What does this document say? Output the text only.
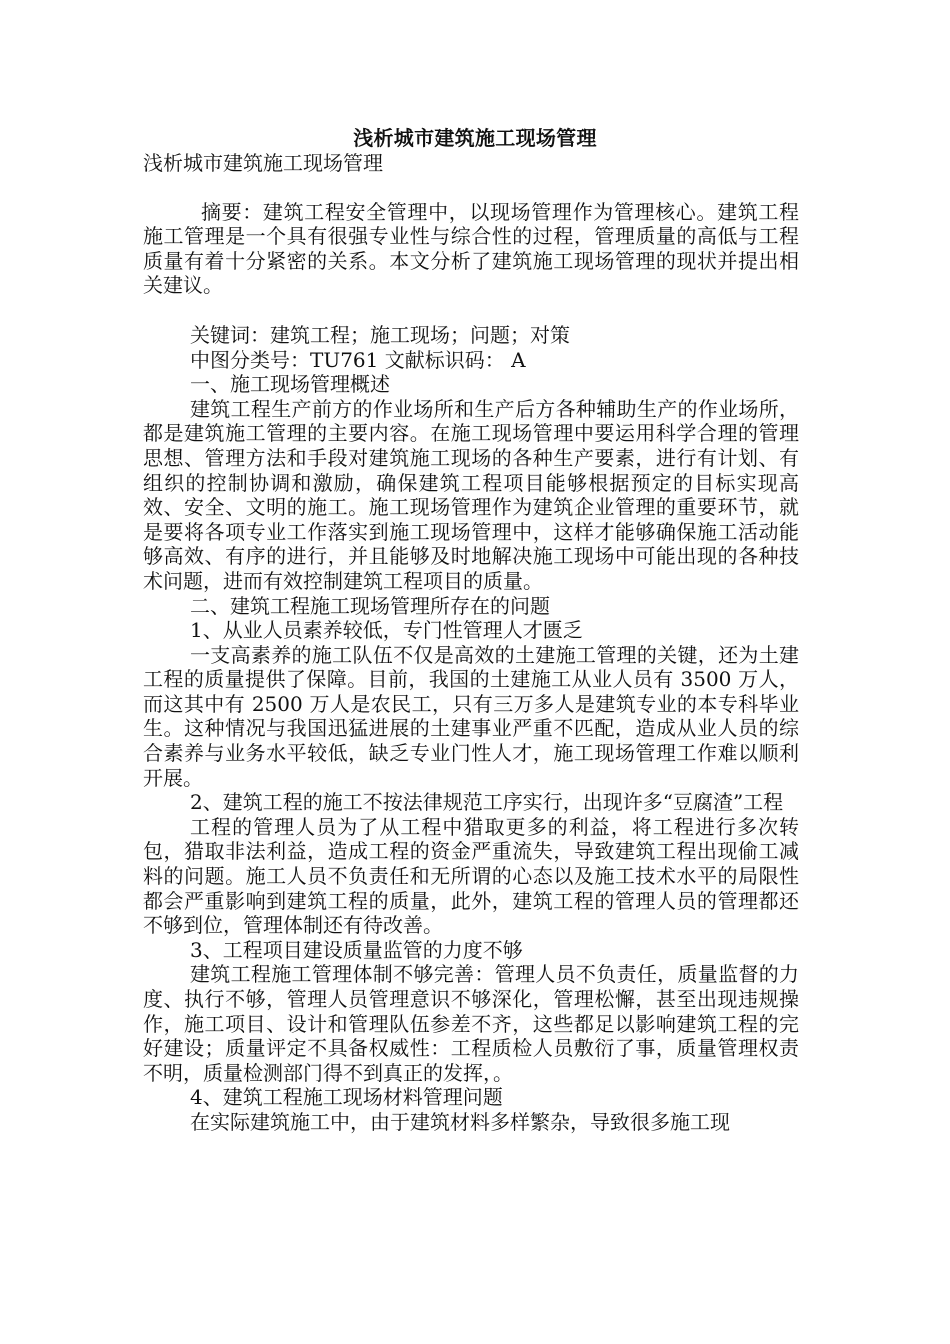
浅析城市建筑施工现场管理

浅析城市建筑施工现场管理

摘要：建筑工程安全管理中，以现场管理作为管理核心。建筑工程施工管理是一个具有很强专业性与综合性的过程，管理质量的高低与工程质量有着十分紧密的关系。本文分析了建筑施工现场管理的现状并提出相关建议。

关键词：建筑工程；施工现场；问题；对策

中图分类号：TU761 文献标识码： A

一、施工现场管理概述

建筑工程生产前方的作业场所和生产后方各种辅助生产的作业场所，都是建筑施工管理的主要内容。在施工现场管理中要运用科学合理的管理思想、管理方法和手段对建筑施工现场的各种生产要素，进行有计划、有组织的控制协调和激励，确保建筑工程项目能够根据预定的目标实现高效、安全、文明的施工。施工现场管理作为建筑企业管理的重要环节，就是要将各项专业工作落实到施工现场管理中，这样才能够确保施工活动能够高效、有序的进行，并且能够及时地解决施工现场中可能出现的各种技术问题，进而有效控制建筑工程项目的质量。

二、建筑工程施工现场管理所存在的问题

1、从业人员素养较低，专门性管理人才匮乏

一支高素养的施工队伍不仅是高效的土建施工管理的关键，还为土建工程的质量提供了保障。目前，我国的土建施工从业人员有 3500 万人，而这其中有 2500 万人是农民工，只有三万多人是建筑专业的本专科毕业生。这种情况与我国迅猛进展的土建事业严重不匹配，造成从业人员的综合素养与业务水平较低，缺乏专业门性人才，施工现场管理工作难以顺利开展。

2、建筑工程的施工不按法律规范工序实行，出现许多“豆腐渣”工程

工程的管理人员为了从工程中猎取更多的利益，将工程进行多次转包，猎取非法利益，造成工程的资金严重流失，导致建筑工程出现偷工减料的问题。施工人员不负责任和无所谓的心态以及施工技术水平的局限性都会严重影响到建筑工程的质量，此外，建筑工程的管理人员的管理都还不够到位，管理体制还有待改善。

3、工程项目建设质量监管的力度不够

建筑工程施工管理体制不够完善：管理人员不负责任，质量监督的力度、执行不够，管理人员管理意识不够深化，管理松懈，甚至出现违规操作，施工项目、设计和管理队伍参差不齐，这些都足以影响建筑工程的完好建设；质量评定不具备权威性：工程质检人员敷衍了事，质量管理权责不明，质量检测部门得不到真正的发挥，。

4、建筑工程施工现场材料管理问题

在实际建筑施工中，由于建筑材料多样繁杂，导致很多施工现
